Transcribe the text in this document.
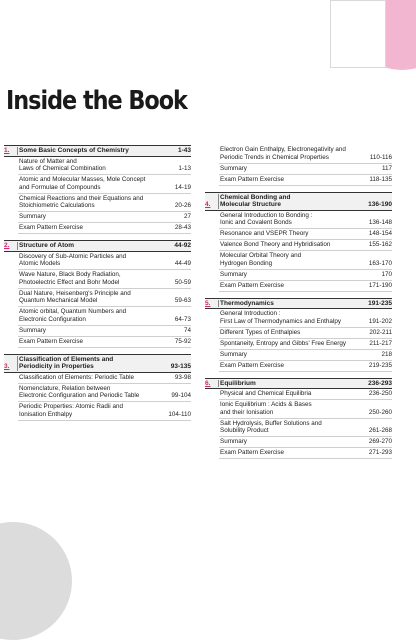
Inside the Book
1.	Some Basic Concepts of Chemistry	1-43
Nature of Matter and
Laws of Chemical Combination	1-13
Atomic and Molecular Masses, Mole Concept
and Formulae of Compounds	14-19
Chemical Reactions and their Equations and
Stoichiometric Calculations	20-26
Summary	27
Exam Pattern Exercise	28-43
2.	Structure of Atom	44-92
Discovery of Sub-Atomic Particles and
Atomic Models	44-49
Wave Nature, Black Body Radiation,
Photoelectric Effect and Bohr Model	50-59
Dual Nature, Heisenberg's Principle and
Quantum Mechanical Model	59-63
Atomic orbital, Quantum Numbers and
Electronic Configuration	64-73
Summary	74
Exam Pattern Exercise	75-92
3.
Classification of Elements and
Periodicity in Properties	93-135
Classification of Elements: Periodic Table	93-98
Nomenclature, Relation between
Electronic Configuration and Periodic Table	99-104
Periodic Properties: Atomic Radii and
Ionisation Enthalpy	104-110
Electron Gain Enthalpy, Electronegativity and
Periodic Trends in Chemical Properties	110-116
Summary	117
Exam Pattern Exercise	118-135
4.
Chemical Bonding and
Molecular Structure	136-190
General Introduction to Bonding :
Ionic and Covalent Bonds	136-148
Resonance and VSEPR Theory	148-154
Valence Bond Theory and Hybridisation	155-162
Molecular Orbital Theory and
Hydrogen Bonding	163-170
Summary	170
Exam Pattern Exercise	171-190
5.	Thermodynamics	191-235
General Introduction :
First Law of Thermodynamics and Enthalpy	191-202
Different Types of Enthalpies	202-211
Spontaneity, Entropy and Gibbs' Free Energy	211-217
Summary	218
Exam Pattern Exercise	219-235
6.	Equilibrium	236-293
Physical and Chemical Equilibria	236-250
Ionic Equilibrium : Acids & Bases
and their Ionisation	250-260
Salt Hydrolysis, Buffer Solutions and
Solubility Product	261-268
Summary	269-270
Exam Pattern Exercise	271-293
